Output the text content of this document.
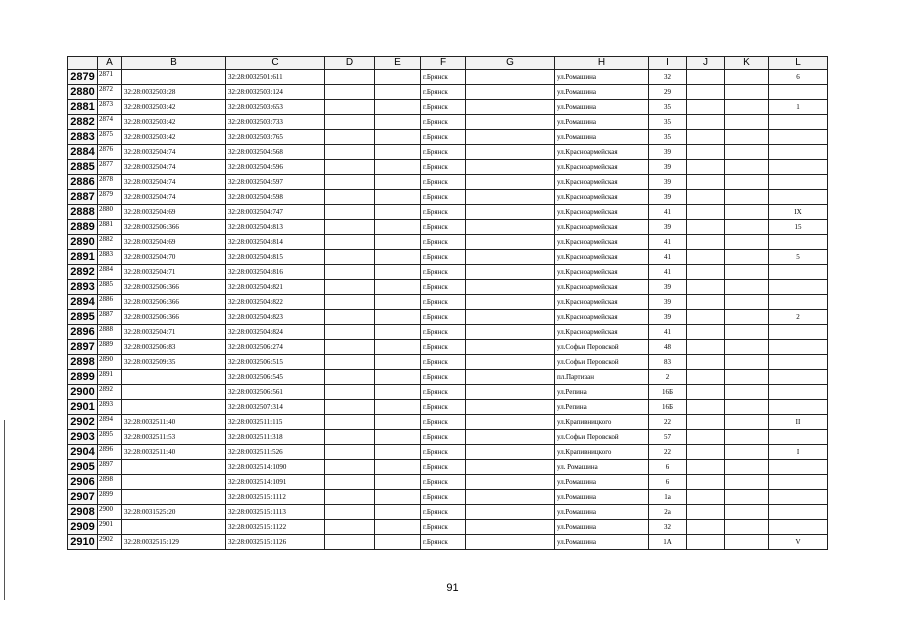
	A	B	C	D	E	F	G	H	I	J	K	L
2879	2871		32:28:0032501:611			г.Брянск		ул.Ромашина	32			6
2880	2872	32:28:0032503:28	32:28:0032503:124			г.Брянск		ул.Ромашина	29			
2881	2873	32:28:0032503:42	32:28:0032503:653			г.Брянск		ул.Ромашина	35			1
2882	2874	32:28:0032503:42	32:28:0032503:733			г.Брянск		ул.Ромашина	35			
2883	2875	32:28:0032503:42	32:28:0032503:765			г.Брянск		ул.Ромашина	35			
2884	2876	32:28:0032504:74	32:28:0032504:568			г.Брянск		ул.Красноармейская	39			
2885	2877	32:28:0032504:74	32:28:0032504:596			г.Брянск		ул.Красноармейская	39			
2886	2878	32:28:0032504:74	32:28:0032504:597			г.Брянск		ул.Красноармейская	39			
2887	2879	32:28:0032504:74	32:28:0032504:598			г.Брянск		ул.Красноармейская	39			
2888	2880	32:28:0032504:69	32:28:0032504:747			г.Брянск		ул.Красноармейская	41			IX
2889	2881	32:28:0032506:366	32:28:0032504:813			г.Брянск		ул.Красноармейская	39			15
2890	2882	32:28:0032504:69	32:28:0032504:814			г.Брянск		ул.Красноармейская	41			
2891	2883	32:28:0032504:70	32:28:0032504:815			г.Брянск		ул.Красноармейская	41			5
2892	2884	32:28:0032504:71	32:28:0032504:816			г.Брянск		ул.Красноармейская	41			
2893	2885	32:28:0032506:366	32:28:0032504:821			г.Брянск		ул.Красноармейская	39			
2894	2886	32:28:0032506:366	32:28:0032504:822			г.Брянск		ул.Красноармейская	39			
2895	2887	32:28:0032506:366	32:28:0032504:823			г.Брянск		ул.Красноармейская	39			2
2896	2888	32:28:0032504:71	32:28:0032504:824			г.Брянск		ул.Красноармейская	41			
2897	2889	32:28:0032506:83	32:28:0032506:274			г.Брянск		ул.Софьи Перовской	48			
2898	2890	32:28:0032509:35	32:28:0032506:515			г.Брянск		ул.Софьи Перовской	83			
2899	2891		32:28:0032506:545			г.Брянск		пл.Партизан	2			
2900	2892		32:28:0032506:561			г.Брянск		ул.Репина	16Б			
2901	2893		32:28:0032507:314			г.Брянск		ул.Репина	16Б			
2902	2894	32:28:0032511:40	32:28:0032511:115			г.Брянск		ул.Крапивницкого	22			II
2903	2895	32:28:0032511:53	32:28:0032511:318			г.Брянск		ул.Софьи Перовской	57			
2904	2896	32:28:0032511:40	32:28:0032511:526			г.Брянск		ул.Крапивницкого	22			I
2905	2897		32:28:0032514:1090			г.Брянск		ул. Ромашина	6			
2906	2898		32:28:0032514:1091			г.Брянск		ул.Ромашина	6			
2907	2899		32:28:0032515:1112			г.Брянск		ул.Ромашина	1а			
2908	2900	32:28:0031525:20	32:28:0032515:1113			г.Брянск		ул.Ромашина	2а			
2909	2901		32:28:0032515:1122			г.Брянск		ул.Ромашина	32			
2910	2902	32:28:0032515:129	32:28:0032515:1126			г.Брянск		ул.Ромашина	1А			V
91
